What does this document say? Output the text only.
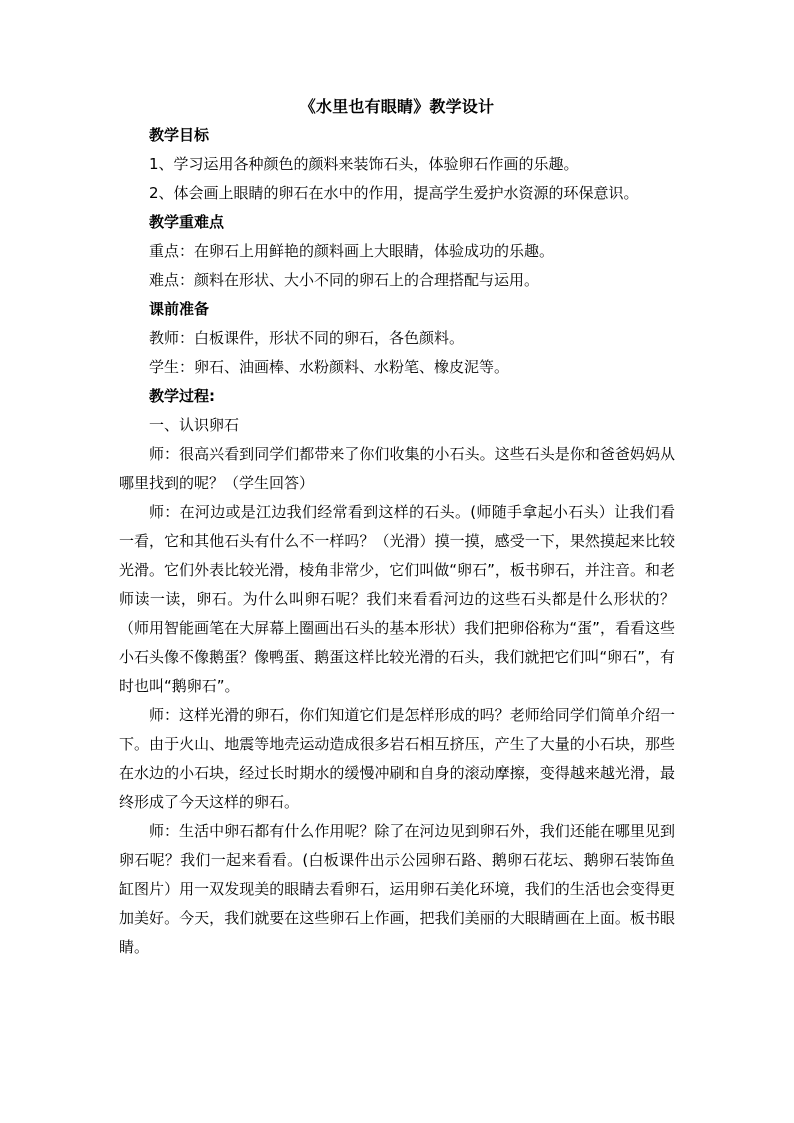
《水里也有眼睛》教学设计

教学目标

1、学习运用各种颜色的颜料来装饰石头，体验卵石作画的乐趣。

2、体会画上眼睛的卵石在水中的作用，提高学生爱护水资源的环保意识。

教学重难点

重点：在卵石上用鲜艳的颜料画上大眼睛，体验成功的乐趣。

难点：颜料在形状、大小不同的卵石上的合理搭配与运用。

课前准备

教师：白板课件，形状不同的卵石，各色颜料。

学生：卵石、油画棒、水粉颜料、水粉笔、橡皮泥等。

教学过程:

一、认识卵石

师：很高兴看到同学们都带来了你们收集的小石头。这些石头是你和爸爸妈妈从哪里找到的呢？（学生回答）

师：在河边或是江边我们经常看到这样的石头。(师随手拿起小石头）让我们看一看，它和其他石头有什么不一样吗？（光滑）摸一摸，感受一下，果然摸起来比较光滑。它们外表比较光滑，棱角非常少，它们叫做“卵石”，板书卵石，并注音。和老师读一读，卵石。为什么叫卵石呢？我们来看看河边的这些石头都是什么形状的？（师用智能画笔在大屏幕上圈画出石头的基本形状）我们把卵俗称为“蛋”，看看这些小石头像不像鹅蛋？像鸭蛋、鹅蛋这样比较光滑的石头，我们就把它们叫“卵石”，有时也叫“鹅卵石”。

师：这样光滑的卵石，你们知道它们是怎样形成的吗？老师给同学们简单介绍一下。由于火山、地震等地壳运动造成很多岩石相互挤压，产生了大量的小石块，那些在水边的小石块，经过长时期水的缓慢冲刷和自身的滚动摩擦，变得越来越光滑，最终形成了今天这样的卵石。

师：生活中卵石都有什么作用呢？除了在河边见到卵石外，我们还能在哪里见到卵石呢？我们一起来看看。(白板课件出示公园卵石路、鹅卵石花坛、鹅卵石装饰鱼缸图片）用一双发现美的眼睛去看卵石，运用卵石美化环境，我们的生活也会变得更加美好。今天，我们就要在这些卵石上作画，把我们美丽的大眼睛画在上面。板书眼睛。
